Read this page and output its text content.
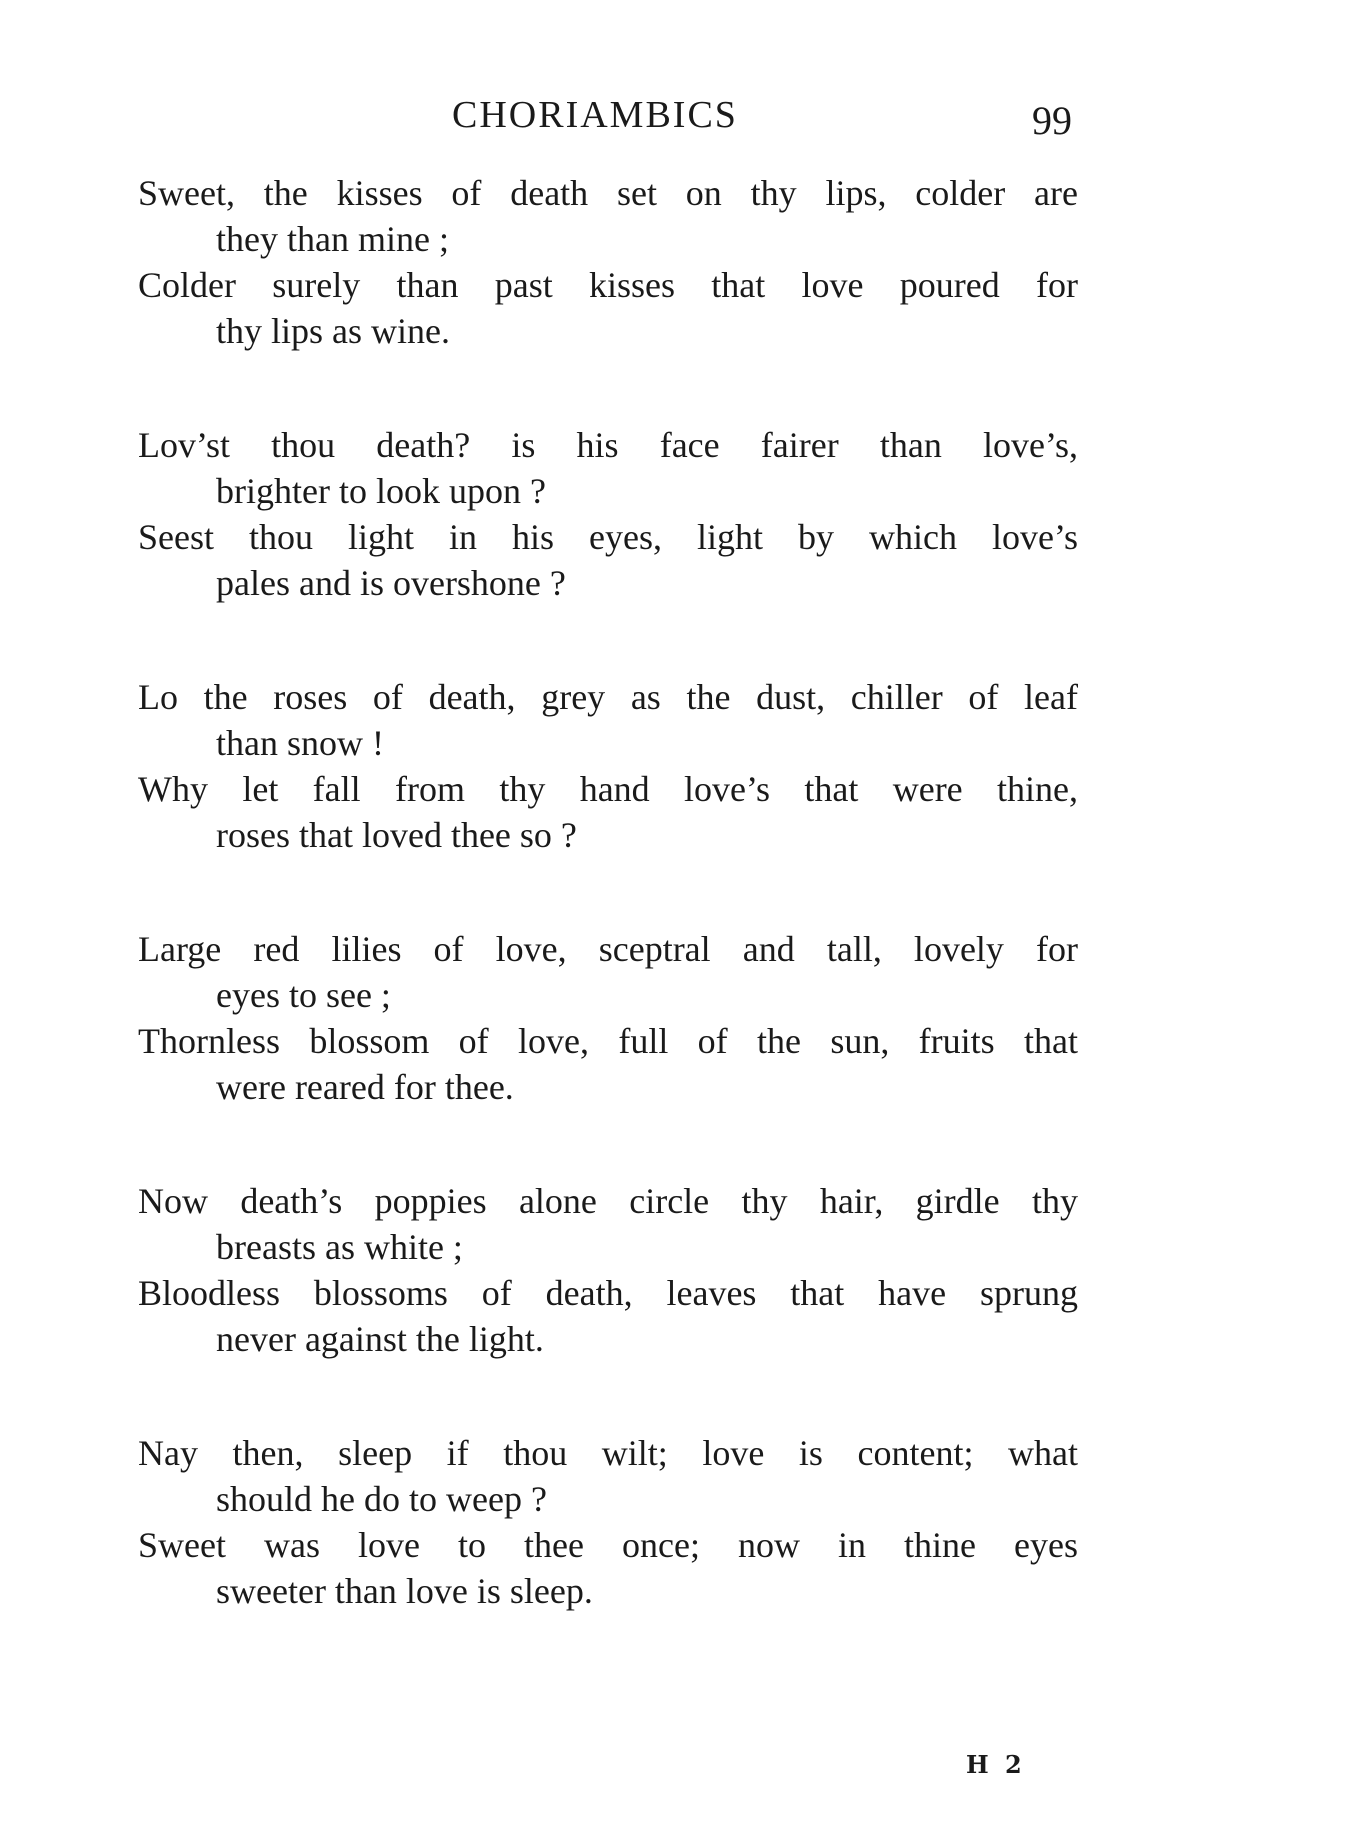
CHORIAMBICS	99
Sweet, the kisses of death set on thy lips, colder are
they than mine ;
Colder surely than past kisses that love poured for
thy lips as wine.
Lov’st thou death? is his face fairer than love’s,
brighter to look upon ?
Seest thou light in his eyes, light by which love’s
pales and is overshone ?
Lo the roses of death, grey as the dust, chiller of leaf
than snow !
Why let fall from thy hand love’s that were thine,
roses that loved thee so ?
Large red lilies of love, sceptral and tall, lovely for
eyes to see ;
Thornless blossom of love, full of the sun, fruits that
were reared for thee.
Now death’s poppies alone circle thy hair, girdle thy
breasts as white ;
Bloodless blossoms of death, leaves that have sprung
never against the light.
Nay then, sleep if thou wilt; love is content; what
should he do to weep ?
Sweet was love to thee once; now in thine eyes
sweeter than love is sleep.
H 2
